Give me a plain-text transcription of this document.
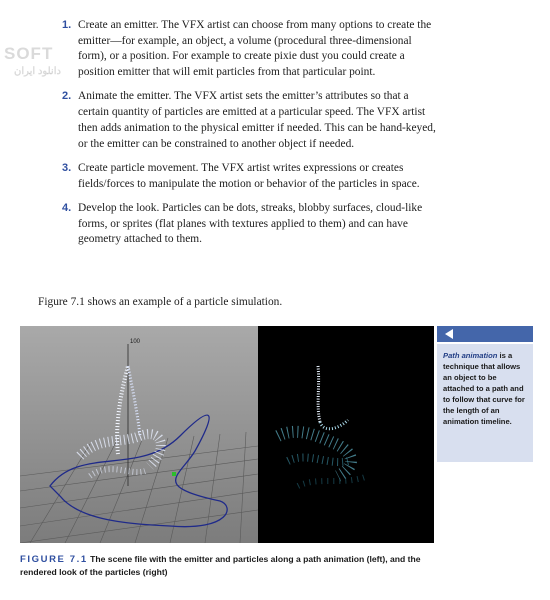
SOFT
دانلود ایران
1. Create an emitter. The VFX artist can choose from many options to create the emitter—for example, an object, a volume (procedural three-dimensional form), or a position. For example to create pixie dust you could create a position emitter that will emit particles from that particular point.
2. Animate the emitter. The VFX artist sets the emitter’s attributes so that a certain quantity of particles are emitted at a particular speed. The VFX artist then adds animation to the physical emitter if needed. This can be hand-keyed, or the emitter can be constrained to another object if needed.
3. Create particle movement. The VFX artist writes expressions or creates fields/forces to manipulate the motion or behavior of the particles in space.
4. Develop the look. Particles can be dots, streaks, blobby surfaces, cloud-like forms, or sprites (flat planes with textures applied to them) and can have geometry attached to them.

Figure 7.1 shows an example of a particle simulation.

100
Path animation is a technique that allows an object to be attached to a path and to follow that curve for the length of an animation timeline.

FIGURE 7.1 The scene file with the emitter and particles along a path animation (left), and the rendered look of the particles (right)
